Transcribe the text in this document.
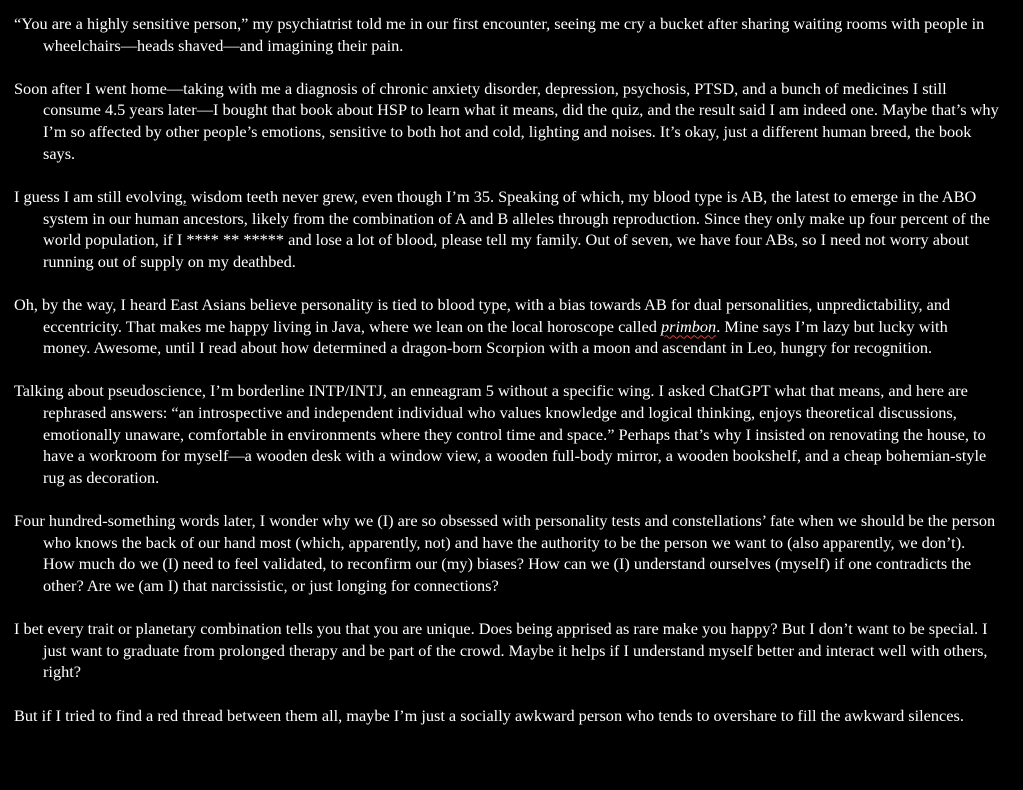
“You are a highly sensitive person,” my psychiatrist told me in our first encounter, seeing me cry a bucket after sharing waiting rooms with people in wheelchairs—heads shaved—and imagining their pain.

Soon after I went home—taking with me a diagnosis of chronic anxiety disorder, depression, psychosis, PTSD, and a bunch of medicines I still consume 4.5 years later—I bought that book about HSP to learn what it means, did the quiz, and the result said I am indeed one. Maybe that’s why I’m so affected by other people’s emotions, sensitive to both hot and cold, lighting and noises. It’s okay, just a different human breed, the book says.

I guess I am still evolving, wisdom teeth never grew, even though I’m 35. Speaking of which, my blood type is AB, the latest to emerge in the ABO system in our human ancestors, likely from the combination of A and B alleles through reproduction. Since they only make up four percent of the world population, if I **** ** ***** and lose a lot of blood, please tell my family. Out of seven, we have four ABs, so I need not worry about running out of supply on my deathbed.

Oh, by the way, I heard East Asians believe personality is tied to blood type, with a bias towards AB for dual personalities, unpredictability, and eccentricity. That makes me happy living in Java, where we lean on the local horoscope called primbon. Mine says I’m lazy but lucky with money. Awesome, until I read about how determined a dragon-born Scorpion with a moon and ascendant in Leo, hungry for recognition.

Talking about pseudoscience, I’m borderline INTP/INTJ, an enneagram 5 without a specific wing. I asked ChatGPT what that means, and here are rephrased answers: “an introspective and independent individual who values knowledge and logical thinking, enjoys theoretical discussions, emotionally unaware, comfortable in environments where they control time and space.” Perhaps that’s why I insisted on renovating the house, to have a workroom for myself—a wooden desk with a window view, a wooden full-body mirror, a wooden bookshelf, and a cheap bohemian-style rug as decoration.

Four hundred-something words later, I wonder why we (I) are so obsessed with personality tests and constellations’ fate when we should be the person who knows the back of our hand most (which, apparently, not) and have the authority to be the person we want to (also apparently, we don’t). How much do we (I) need to feel validated, to reconfirm our (my) biases? How can we (I) understand ourselves (myself) if one contradicts the other? Are we (am I) that narcissistic, or just longing for connections?

I bet every trait or planetary combination tells you that you are unique. Does being apprised as rare make you happy? But I don’t want to be special. I just want to graduate from prolonged therapy and be part of the crowd. Maybe it helps if I understand myself better and interact well with others, right?

But if I tried to find a red thread between them all, maybe I’m just a socially awkward person who tends to overshare to fill the awkward silences.
